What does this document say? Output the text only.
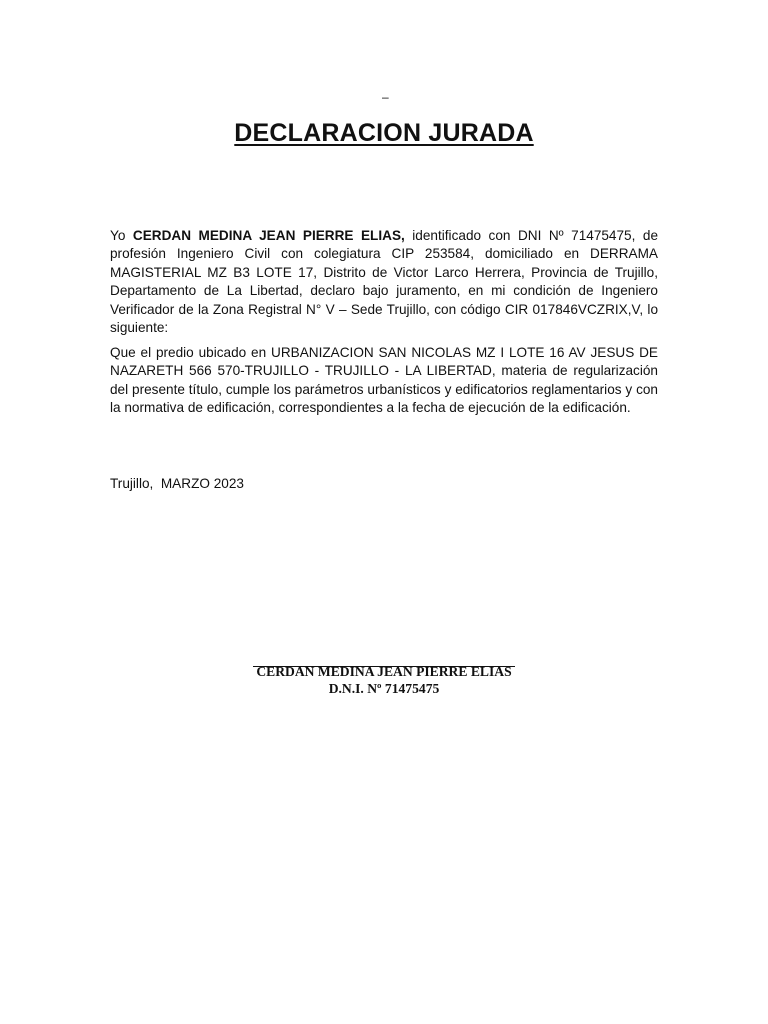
–
DECLARACION JURADA

Yo CERDAN MEDINA JEAN PIERRE ELIAS, identificado con DNI Nº 71475475, de profesión Ingeniero Civil con colegiatura CIP 253584, domiciliado en DERRAMA MAGISTERIAL MZ B3 LOTE 17, Distrito de Victor Larco Herrera, Provincia de Trujillo, Departamento de La Libertad, declaro bajo juramento, en mi condición de Ingeniero Verificador de la Zona Registral N° V – Sede Trujillo, con código CIR 017846VCZRIX,V, lo siguiente:

Que el predio ubicado en URBANIZACION SAN NICOLAS MZ I LOTE 16 AV JESUS DE NAZARETH 566 570-TRUJILLO - TRUJILLO - LA LIBERTAD, materia de regularización del presente título, cumple los parámetros urbanísticos y edificatorios reglamentarios y con la normativa de edificación, correspondientes a la fecha de ejecución de la edificación.

Trujillo,  MARZO 2023
CERDAN MEDINA JEAN PIERRE ELIAS
D.N.I. Nº 71475475
